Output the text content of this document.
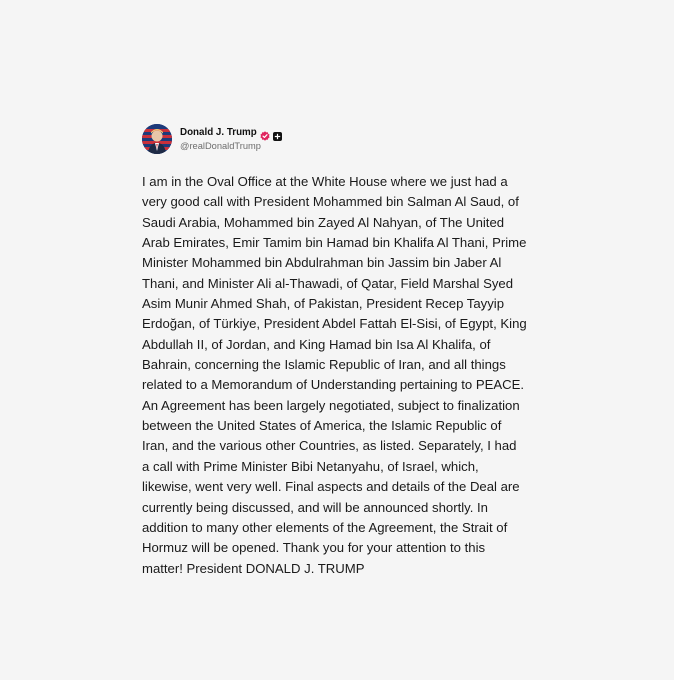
Donald J. Trump
@realDonaldTrump
I am in the Oval Office at the White House where we just had a
very good call with President Mohammed bin Salman Al Saud, of
Saudi Arabia, Mohammed bin Zayed Al Nahyan, of The United
Arab Emirates, Emir Tamim bin Hamad bin Khalifa Al Thani, Prime
Minister Mohammed bin Abdulrahman bin Jassim bin Jaber Al
Thani, and Minister Ali al-Thawadi, of Qatar, Field Marshal Syed
Asim Munir Ahmed Shah, of Pakistan, President Recep Tayyip
Erdoğan, of Türkiye, President Abdel Fattah El-Sisi, of Egypt, King
Abdullah II, of Jordan, and King Hamad bin Isa Al Khalifa, of
Bahrain, concerning the Islamic Republic of Iran, and all things
related to a Memorandum of Understanding pertaining to PEACE.
An Agreement has been largely negotiated, subject to finalization
between the United States of America, the Islamic Republic of
Iran, and the various other Countries, as listed. Separately, I had
a call with Prime Minister Bibi Netanyahu, of Israel, which,
likewise, went very well. Final aspects and details of the Deal are
currently being discussed, and will be announced shortly. In
addition to many other elements of the Agreement, the Strait of
Hormuz will be opened. Thank you for your attention to this
matter! President DONALD J. TRUMP
